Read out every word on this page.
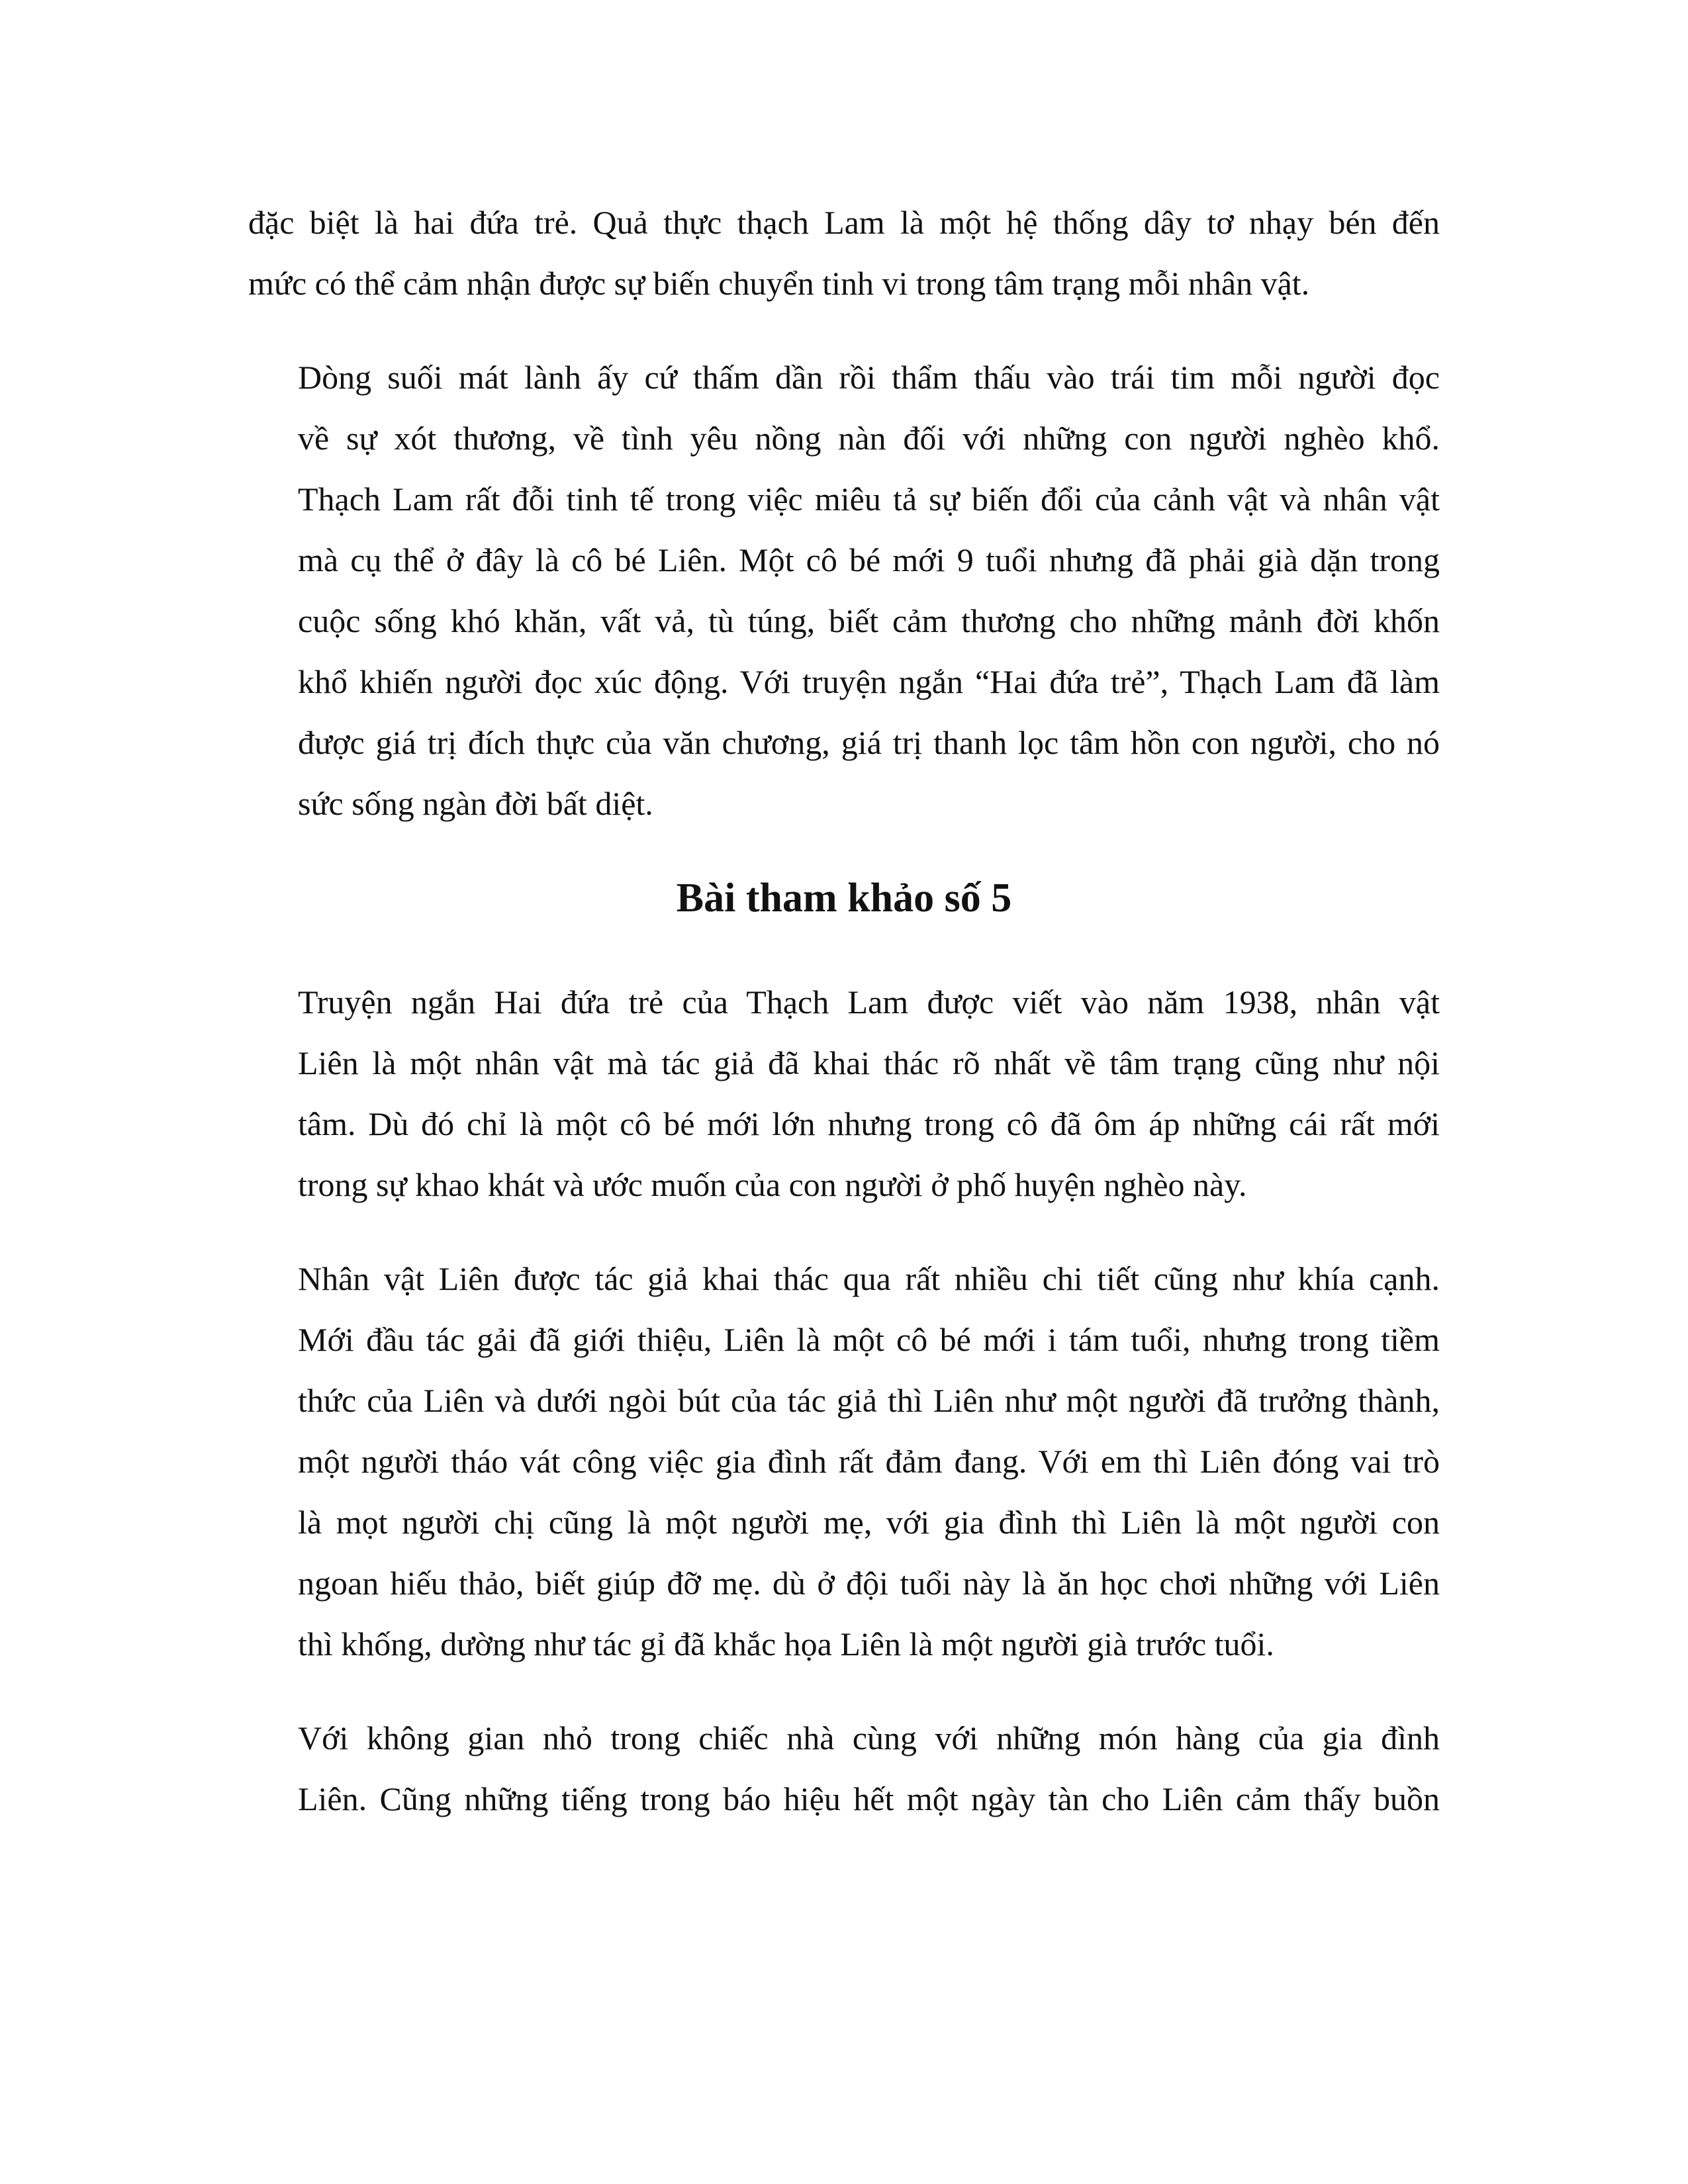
đặc biệt là hai đứa trẻ. Quả thực thạch Lam là một hệ thống dây tơ nhạy bén đến
mức có thể cảm nhận được sự biến chuyển tinh vi trong tâm trạng mỗi nhân vật.

Dòng suối mát lành ấy cứ thấm dần rồi thẩm thấu vào trái tim mỗi người đọc
về sự xót thương, về tình yêu nồng nàn đối với những con người nghèo khổ.
Thạch Lam rất đỗi tinh tế trong việc miêu tả sự biến đổi của cảnh vật và nhân vật
mà cụ thể ở đây là cô bé Liên. Một cô bé mới 9 tuổi nhưng đã phải già dặn trong
cuộc sống khó khăn, vất vả, tù túng, biết cảm thương cho những mảnh đời khốn
khổ khiến người đọc xúc động. Với truyện ngắn “Hai đứa trẻ”, Thạch Lam đã làm
được giá trị đích thực của văn chương, giá trị thanh lọc tâm hồn con người, cho nó
sức sống ngàn đời bất diệt.

Bài tham khảo số 5

Truyện ngắn Hai đứa trẻ của Thạch Lam được viết vào năm 1938, nhân vật
Liên là một nhân vật mà tác giả đã khai thác rõ nhất về tâm trạng cũng như nội
tâm. Dù đó chỉ là một cô bé mới lớn nhưng trong cô đã ôm áp những cái rất mới
trong sự khao khát và ước muốn của con người ở phố huyện nghèo này.

Nhân vật Liên được tác giả khai thác qua rất nhiều chi tiết cũng như khía cạnh.
Mới đầu tác gải đã giới thiệu, Liên là một cô bé mới i tám tuổi, nhưng trong tiềm
thức của Liên và dưới ngòi bút của tác giả thì Liên như một người đã trưởng thành,
một người tháo vát công việc gia đình rất đảm đang. Với em thì Liên đóng vai trò
là mọt người chị cũng là một người mẹ, với gia đình thì Liên là một người con
ngoan hiếu thảo, biết giúp đỡ mẹ. dù ở đội tuổi này là ăn học chơi những với Liên
thì khống, dường như tác gỉ đã khắc họa Liên là một người già trước tuổi.

Với không gian nhỏ trong chiếc nhà cùng với những món hàng của gia đình
Liên. Cũng những tiếng trong báo hiệu hết một ngày tàn cho Liên cảm thấy buồn
